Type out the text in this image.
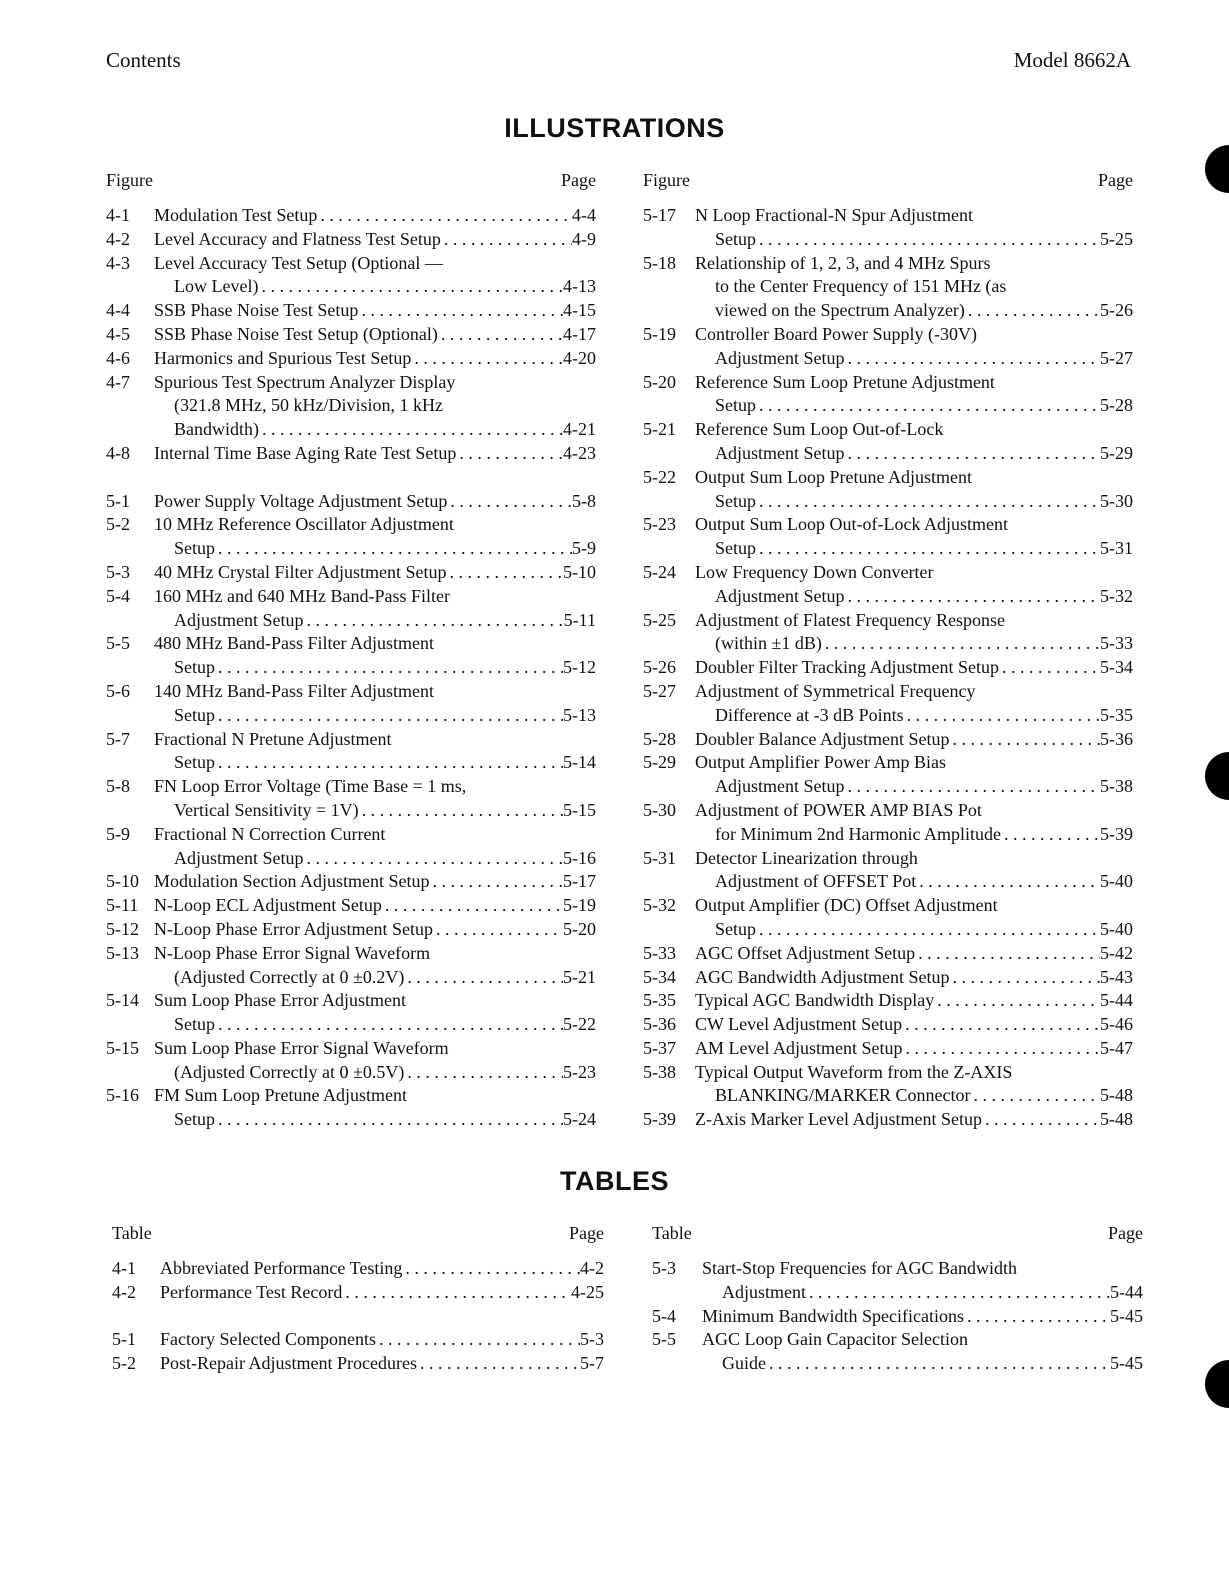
Contents	Model 8662A
ILLUSTRATIONS
Figure	Page
4-1	Modulation Test Setup . . .	4-4
4-2	Level Accuracy and Flatness Test Setup . . .	4-9
4-3	Level Accuracy Test Setup (Optional —
Low Level) . . .	4-13
4-4	SSB Phase Noise Test Setup . . .	4-15
4-5	SSB Phase Noise Test Setup (Optional) . . .	4-17
4-6	Harmonics and Spurious Test Setup . . .	4-20
4-7	Spurious Test Spectrum Analyzer Display
(321.8 MHz, 50 kHz/Division, 1 kHz
Bandwidth) . . .	4-21
4-8	Internal Time Base Aging Rate Test Setup . . .	4-23
5-1	Power Supply Voltage Adjustment Setup . . .	5-8
5-2	10 MHz Reference Oscillator Adjustment
Setup . . .	5-9
5-3	40 MHz Crystal Filter Adjustment Setup . . .	5-10
5-4	160 MHz and 640 MHz Band-Pass Filter
Adjustment Setup . . .	5-11
5-5	480 MHz Band-Pass Filter Adjustment
Setup . . .	5-12
5-6	140 MHz Band-Pass Filter Adjustment
Setup . . .	5-13
5-7	Fractional N Pretune Adjustment
Setup . . .	5-14
5-8	FN Loop Error Voltage (Time Base = 1 ms,
Vertical Sensitivity = 1V) . . .	5-15
5-9	Fractional N Correction Current
Adjustment Setup . . .	5-16
5-10 Modulation Section Adjustment Setup . . .	5-17
5-11 N-Loop ECL Adjustment Setup . . .	5-19
5-12 N-Loop Phase Error Adjustment Setup . . .	5-20
5-13 N-Loop Phase Error Signal Waveform
(Adjusted Correctly at 0 ±0.2V) . . .	5-21
5-14 Sum Loop Phase Error Adjustment
Setup . . .	5-22
5-15 Sum Loop Phase Error Signal Waveform
(Adjusted Correctly at 0 ±0.5V) . . .	5-23
5-16 FM Sum Loop Pretune Adjustment
Setup . . .	5-24
Figure	Page
5-17	N Loop Fractional-N Spur Adjustment
Setup . . .	5-25
5-18	Relationship of 1, 2, 3, and 4 MHz Spurs
to the Center Frequency of 151 MHz (as
viewed on the Spectrum Analyzer) . . .	5-26
5-19	Controller Board Power Supply (-30V)
Adjustment Setup . . .	5-27
5-20	Reference Sum Loop Pretune Adjustment
Setup . . .	5-28
5-21	Reference Sum Loop Out-of-Lock
Adjustment Setup . . .	5-29
5-22	Output Sum Loop Pretune Adjustment
Setup . . .	5-30
5-23	Output Sum Loop Out-of-Lock Adjustment
Setup . . .	5-31
5-24	Low Frequency Down Converter
Adjustment Setup . . .	5-32
5-25	Adjustment of Flatest Frequency Response
(within ±1 dB) . . .	5-33
5-26	Doubler Filter Tracking Adjustment Setup . . .	5-34
5-27	Adjustment of Symmetrical Frequency
Difference at -3 dB Points . . .	5-35
5-28	Doubler Balance Adjustment Setup . . .	5-36
5-29	Output Amplifier Power Amp Bias
Adjustment Setup . . .	5-38
5-30	Adjustment of POWER AMP BIAS Pot
for Minimum 2nd Harmonic Amplitude . . .	5-39
5-31	Detector Linearization through
Adjustment of OFFSET Pot . . .	5-40
5-32	Output Amplifier (DC) Offset Adjustment
Setup . . .	5-40
5-33	AGC Offset Adjustment Setup . . .	5-42
5-34	AGC Bandwidth Adjustment Setup . . .	5-43
5-35	Typical AGC Bandwidth Display . . .	5-44
5-36	CW Level Adjustment Setup . . .	5-46
5-37	AM Level Adjustment Setup . . .	5-47
5-38	Typical Output Waveform from the Z-AXIS
BLANKING/MARKER Connector . . .	5-48
5-39	Z-Axis Marker Level Adjustment Setup . . .	5-48
TABLES
Table	Page
4-1	Abbreviated Performance Testing . . .	4-2
4-2	Performance Test Record . . .	4-25
5-1	Factory Selected Components . . .	5-3
5-2	Post-Repair Adjustment Procedures . . .	5-7
Table	Page
5-3	Start-Stop Frequencies for AGC Bandwidth
Adjustment . . .	5-44
5-4	Minimum Bandwidth Specifications . . .	5-45
5-5	AGC Loop Gain Capacitor Selection
Guide . . .	5-45
